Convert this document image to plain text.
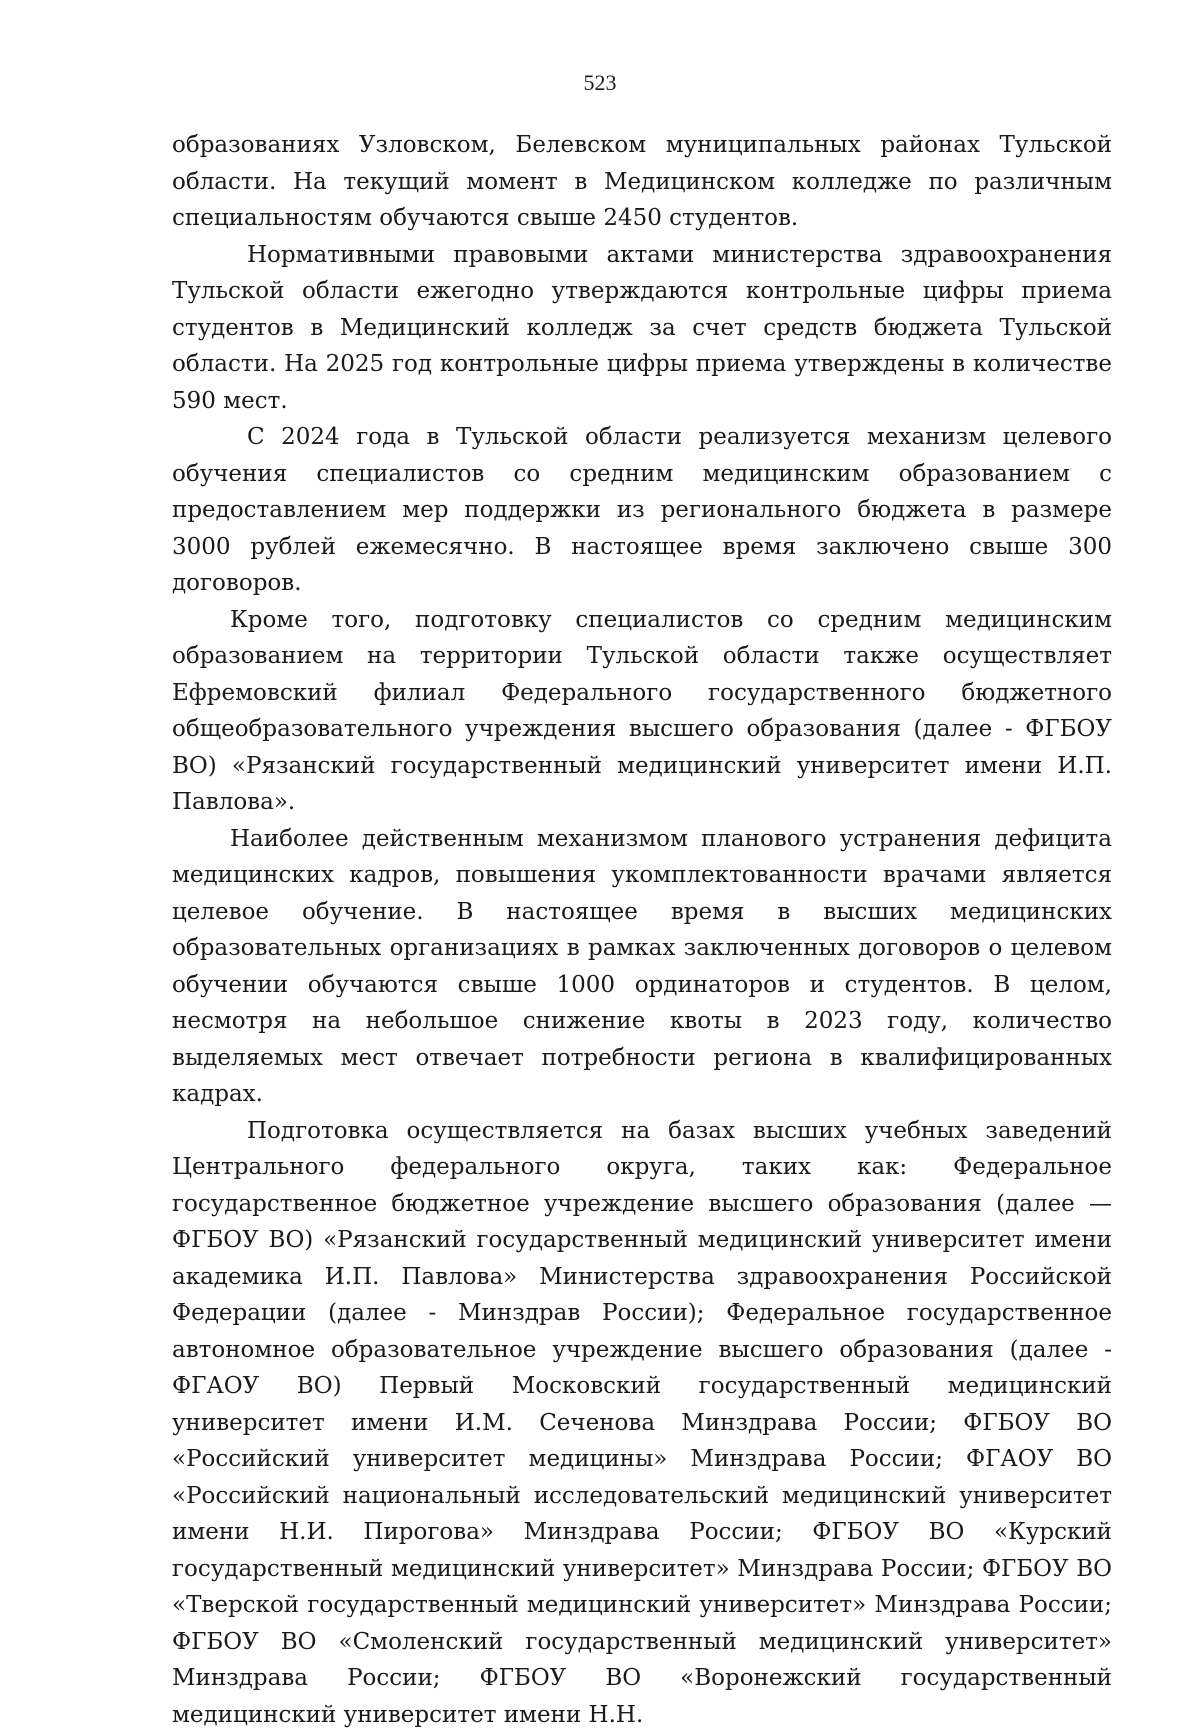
523

образованиях Узловском, Белевском муниципальных районах Тульской области. На текущий момент в Медицинском колледже по различным специальностям обучаются свыше 2450 студентов.

Нормативными правовыми актами министерства здравоохранения Тульской области ежегодно утверждаются контрольные цифры приема студентов в Медицинский колледж за счет средств бюджета Тульской области. На 2025 год контрольные цифры приема утверждены в количестве 590 мест.

С 2024 года в Тульской области реализуется механизм целевого обучения специалистов со средним медицинским образованием с предоставлением мер поддержки из регионального бюджета в размере 3000 рублей ежемесячно. В настоящее время заключено свыше 300 договоров.

Кроме того, подготовку специалистов со средним медицинским образованием на территории Тульской области также осуществляет Ефремовский филиал Федерального государственного бюджетного общеобразовательного учреждения высшего образования (далее - ФГБОУ ВО) «Рязанский государственный медицинский университет имени И.П. Павлова».

Наиболее действенным механизмом планового устранения дефицита медицинских кадров, повышения укомплектованности врачами является целевое обучение. В настоящее время в высших медицинских образовательных организациях в рамках заключенных договоров о целевом обучении обучаются свыше 1000 ординаторов и студентов. В целом, несмотря на небольшое снижение квоты в 2023 году, количество выделяемых мест отвечает потребности региона в квалифицированных кадрах.

Подготовка осуществляется на базах высших учебных заведений Центрального федерального округа, таких как: Федеральное государственное бюджетное учреждение высшего образования (далее — ФГБОУ ВО) «Рязанский государственный медицинский университет имени академика И.П. Павлова» Министерства здравоохранения Российской Федерации (далее - Минздрав России); Федеральное государственное автономное образовательное учреждение высшего образования (далее - ФГАОУ ВО) Первый Московский государственный медицинский университет имени И.М. Сеченова Минздрава России; ФГБОУ ВО «Российский университет медицины» Минздрава России; ФГАОУ ВО «Российский национальный исследовательский медицинский университет имени Н.И. Пирогова» Минздрава России; ФГБОУ ВО «Курский государственный медицинский университет» Минздрава России; ФГБОУ ВО «Тверской государственный медицинский университет» Минздрава России; ФГБОУ ВО «Смоленский государственный медицинский университет» Минздрава России; ФГБОУ ВО «Воронежский государственный медицинский университет имени Н.Н.
